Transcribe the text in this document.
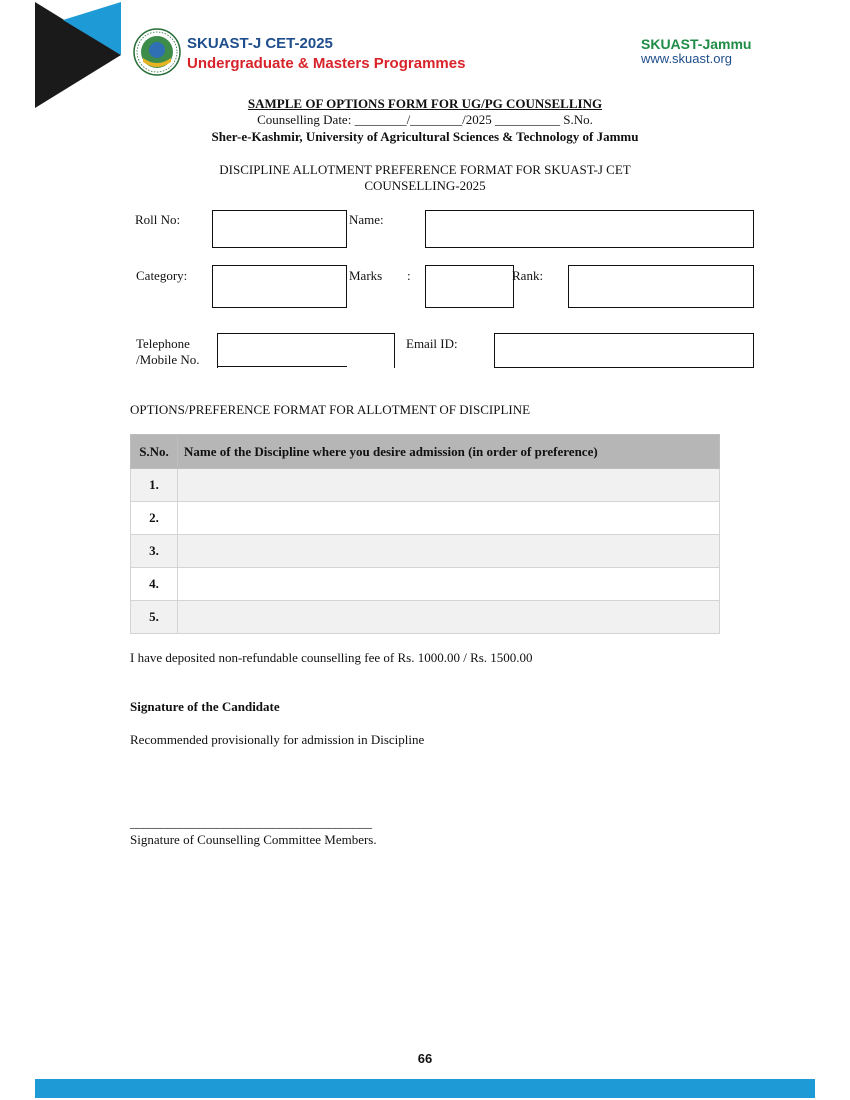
SKUAST-J CET-2025
Undergraduate & Masters Programmes
SKUAST-Jammu
www.skuast.org
SAMPLE OF OPTIONS FORM FOR UG/PG COUNSELLING
Counselling Date: ________/________/2025 __________ S.No.
Sher-e-Kashmir, University of Agricultural Sciences & Technology of Jammu
DISCIPLINE ALLOTMENT PREFERENCE FORMAT FOR SKUAST-J CET
COUNSELLING-2025
Roll No:	Name:
Category:	Marks :	Rank:
Telephone
/Mobile No.
Email ID:
OPTIONS/PREFERENCE FORMAT FOR ALLOTMENT OF DISCIPLINE
S.No.	Name of the Discipline where you desire admission (in order of preference)
1.	
2.	
3.	
4.	
5.	
I have deposited non-refundable counselling fee of Rs. 1000.00 / Rs. 1500.00
Signature of the Candidate
Recommended provisionally for admission in Discipline
_______________________________________
Signature of Counselling Committee Members.
66
